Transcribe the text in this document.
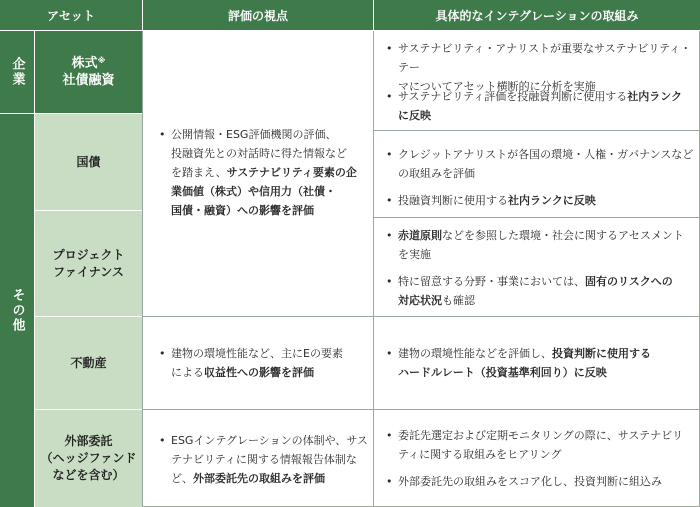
アセット	評価の視点	具体的なインテグレーションの取組み
企業
その他
株式※
社債融資
国債
プロジェクト
ファイナンス
不動産
外部委託
（ヘッジファンド
などを含む）
• 公開情報・ESG評価機関の評価、
投融資先との対話時に得た情報など
を踏まえ、サステナビリティ要素の企
業価値（株式）や信用力（社債・
国債・融資）への影響を評価
• 建物の環境性能など、主にEの要素
による収益性への影響を評価
• ESGインテグレーションの体制や、サス
テナビリティに関する情報報告体制な
ど、外部委託先の取組みを評価
• サステナビリティ・アナリストが重要なサステナビリティ・テー
マについてアセット横断的に分析を実施
• サステナビリティ評価を投融資判断に使用する社内ランク
に反映
• クレジットアナリストが各国の環境・人権・ガバナンスなど
の取組みを評価
• 投融資判断に使用する社内ランクに反映
• 赤道原則などを参照した環境・社会に関するアセスメント
を実施
• 特に留意する分野・事業においては、固有のリスクへの
対応状況も確認
• 建物の環境性能などを評価し、投資判断に使用する
ハードルレート（投資基準利回り）に反映
• 委託先選定および定期モニタリングの際に、サステナビリ
ティに関する取組みをヒアリング
• 外部委託先の取組みをスコア化し、投資判断に組込み
